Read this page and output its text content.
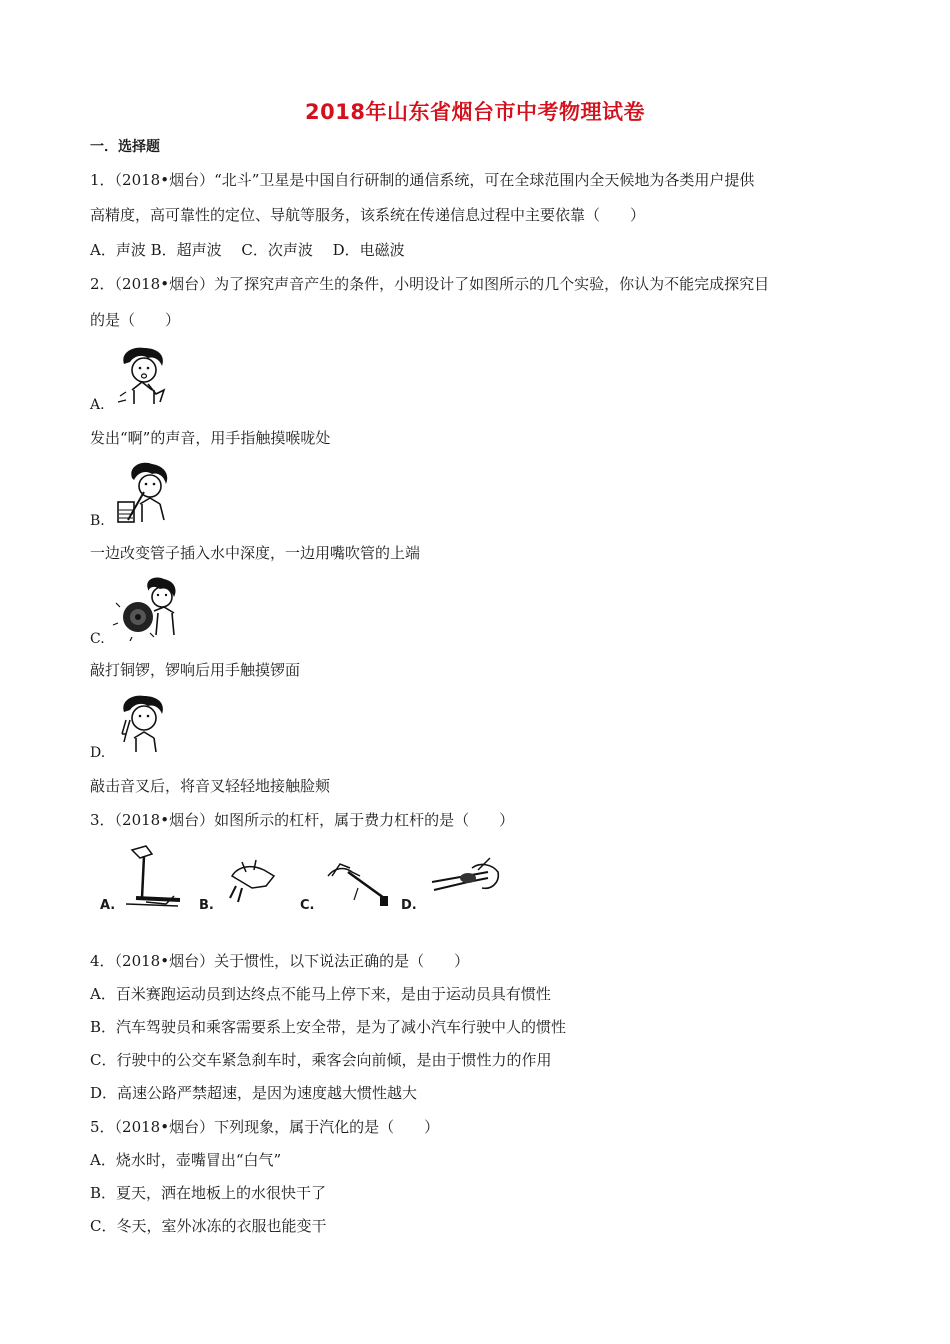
2018年山东省烟台市中考物理试卷
一．选择题
1．（2018•烟台）“北斗”卫星是中国自行研制的通信系统，可在全球范围内全天候地为各类用户提供
高精度，高可靠性的定位、导航等服务，该系统在传递信息过程中主要依靠（　　）
A．声波 B．超声波　 C．次声波　 D．电磁波
2．（2018•烟台）为了探究声音产生的条件，小明设计了如图所示的几个实验，你认为不能完成探究目
的是（　　）
A.
发出“啊”的声音，用手指触摸喉咙处
B.
一边改变管子插入水中深度，一边用嘴吹管的上端
C.
敲打铜锣，锣响后用手触摸锣面
D.
敲击音叉后，将音叉轻轻地接触脸颊
3．（2018•烟台）如图所示的杠杆，属于费力杠杆的是（　　）
A.	B.	C.	D.
4．（2018•烟台）关于惯性，以下说法正确的是（　　）
A．百米赛跑运动员到达终点不能马上停下来，是由于运动员具有惯性
B．汽车驾驶员和乘客需要系上安全带，是为了减小汽车行驶中人的惯性
C．行驶中的公交车紧急刹车时，乘客会向前倾，是由于惯性力的作用
D．高速公路严禁超速，是因为速度越大惯性越大
5．（2018•烟台）下列现象，属于汽化的是（　　）
A．烧水时，壶嘴冒出“白气”
B．夏天，洒在地板上的水很快干了
C．冬天，室外冰冻的衣服也能变干
